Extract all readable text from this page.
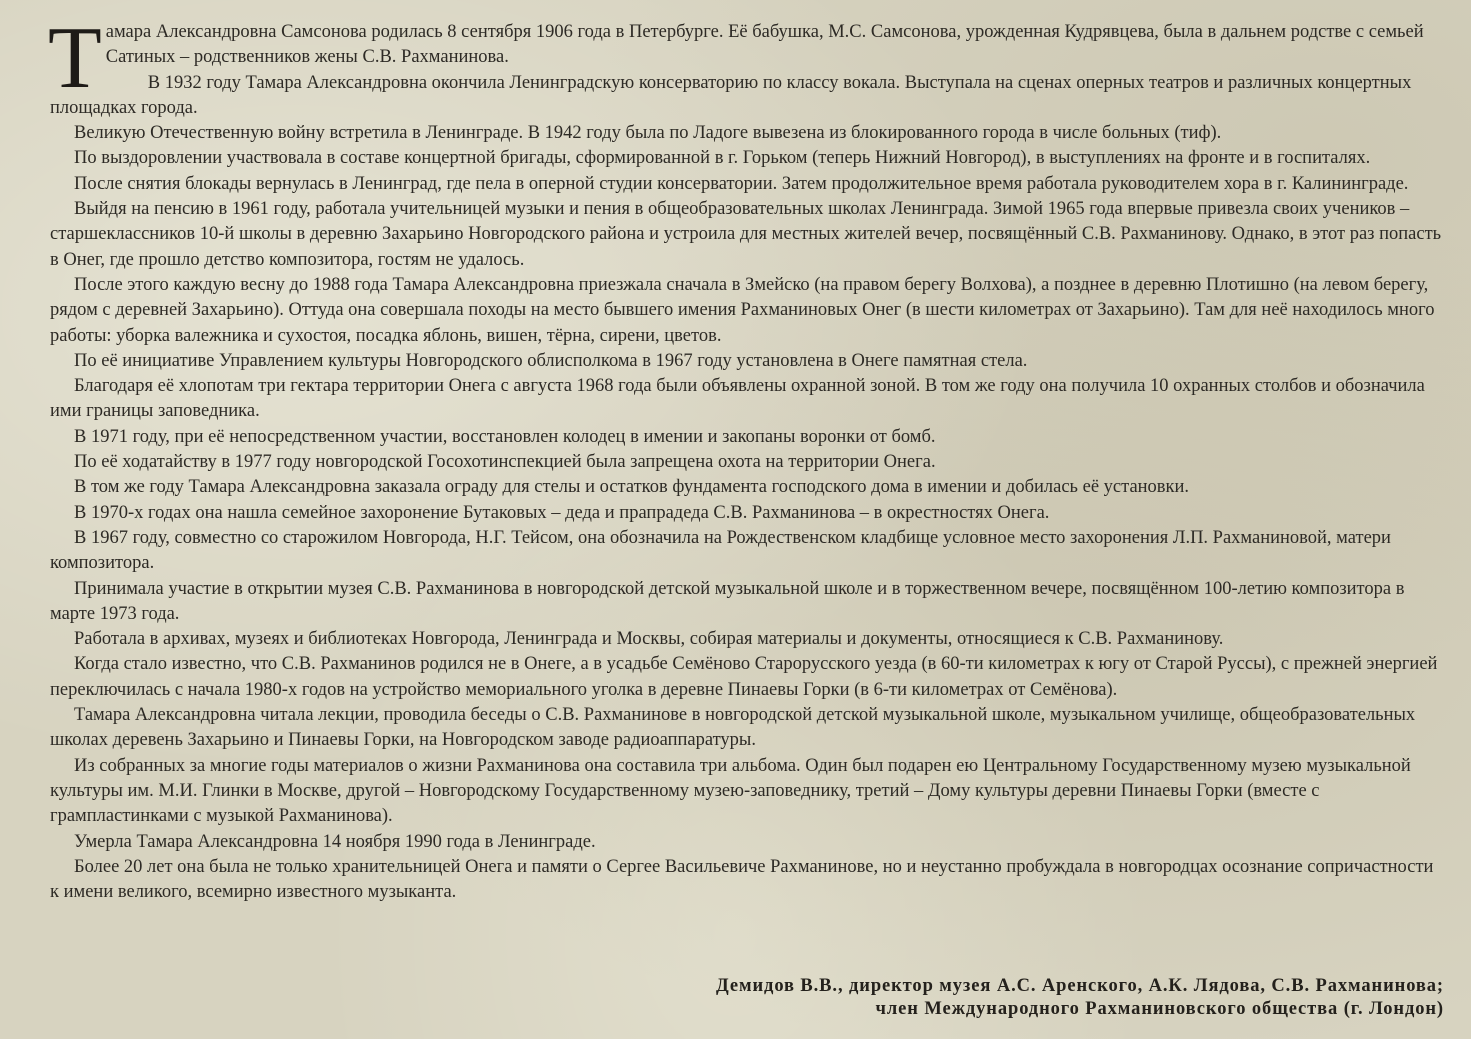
Тамара Александровна Самсонова родилась 8 сентября 1906 года в Петербурге. Её бабушка, М.С. Самсонова, урожденная Кудрявцева, была в дальнем родстве с семьей Сатиных – родственников жены С.В. Рахманинова.
В 1932 году Тамара Александровна окончила Ленинградскую консерваторию по классу вокала. Выступала на сценах оперных театров и различных концертных площадках города.

Великую Отечественную войну встретила в Ленинграде. В 1942 году была по Ладоге вывезена из блокированного города в числе больных (тиф).

По выздоровлении участвовала в составе концертной бригады, сформированной в г. Горьком (теперь Нижний Новгород), в выступлениях на фронте и в госпиталях.

После снятия блокады вернулась в Ленинград, где пела в оперной студии консерватории. Затем продолжительное время работала руководителем хора в г. Калининграде.

Выйдя на пенсию в 1961 году, работала учительницей музыки и пения в общеобразовательных школах Ленинграда. Зимой 1965 года впервые привезла своих учеников – старшеклассников 10-й школы в деревню Захарьино Новгородского района и устроила для местных жителей вечер, посвящённый С.В. Рахманинову. Однако, в этот раз попасть в Онег, где прошло детство композитора, гостям не удалось.

После этого каждую весну до 1988 года Тамара Александровна приезжала сначала в Змейско (на правом берегу Волхова), а позднее в деревню Плотишно (на левом берегу, рядом с деревней Захарьино). Оттуда она совершала походы на место бывшего имения Рахманиновых Онег (в шести километрах от Захарьино). Там для неё находилось много работы: уборка валежника и сухостоя, посадка яблонь, вишен, тёрна, сирени, цветов.

По её инициативе Управлением культуры Новгородского облисполкома в 1967 году установлена в Онеге памятная стела.

Благодаря её хлопотам три гектара территории Онега с августа 1968 года были объявлены охранной зоной. В том же году она получила 10 охранных столбов и обозначила ими границы заповедника.

В 1971 году, при её непосредственном участии, восстановлен колодец в имении и закопаны воронки от бомб.

По её ходатайству в 1977 году новгородской Госохотинспекцией была запрещена охота на территории Онега.

В том же году Тамара Александровна заказала ограду для стелы и остатков фундамента господского дома в имении и добилась её установки.

В 1970-х годах она нашла семейное захоронение Бутаковых – деда и прапрадеда С.В. Рахманинова – в окрестностях Онега.

В 1967 году, совместно со старожилом Новгорода, Н.Г. Тейсом, она обозначила на Рождественском кладбище условное место захоронения Л.П. Рахманиновой, матери композитора.

Принимала участие в открытии музея С.В. Рахманинова в новгородской детской музыкальной школе и в торжественном вечере, посвящённом 100-летию композитора в марте 1973 года.

Работала в архивах, музеях и библиотеках Новгорода, Ленинграда и Москвы, собирая материалы и документы, относящиеся к С.В. Рахманинову.

Когда стало известно, что С.В. Рахманинов родился не в Онеге, а в усадьбе Семёново Старорусского уезда (в 60-ти километрах к югу от Старой Руссы), с прежней энергией переключилась с начала 1980-х годов на устройство мемориального уголка в деревне Пинаевы Горки (в 6-ти километрах от Семёнова).

Тамара Александровна читала лекции, проводила беседы о С.В. Рахманинове в новгородской детской музыкальной школе, музыкальном училище, общеобразовательных школах деревень Захарьино и Пинаевы Горки, на Новгородском заводе радиоаппаратуры.

Из собранных за многие годы материалов о жизни Рахманинова она составила три альбома. Один был подарен ею Центральному Государственному музею музыкальной культуры им. М.И. Глинки в Москве, другой – Новгородскому Государственному музею-заповеднику, третий – Дому культуры деревни Пинаевы Горки (вместе с грампластинками с музыкой Рахманинова).

Умерла Тамара Александровна 14 ноября 1990 года в Ленинграде.

Более 20 лет она была не только хранительницей Онега и памяти о Сергее Васильевиче Рахманинове, но и неустанно пробуждала в новгородцах осознание сопричастности к имени великого, всемирно известного музыканта.

Демидов В.В., директор музея А.С. Аренского, А.К. Лядова, С.В. Рахманинова;
член Международного Рахманиновского общества (г. Лондон)
